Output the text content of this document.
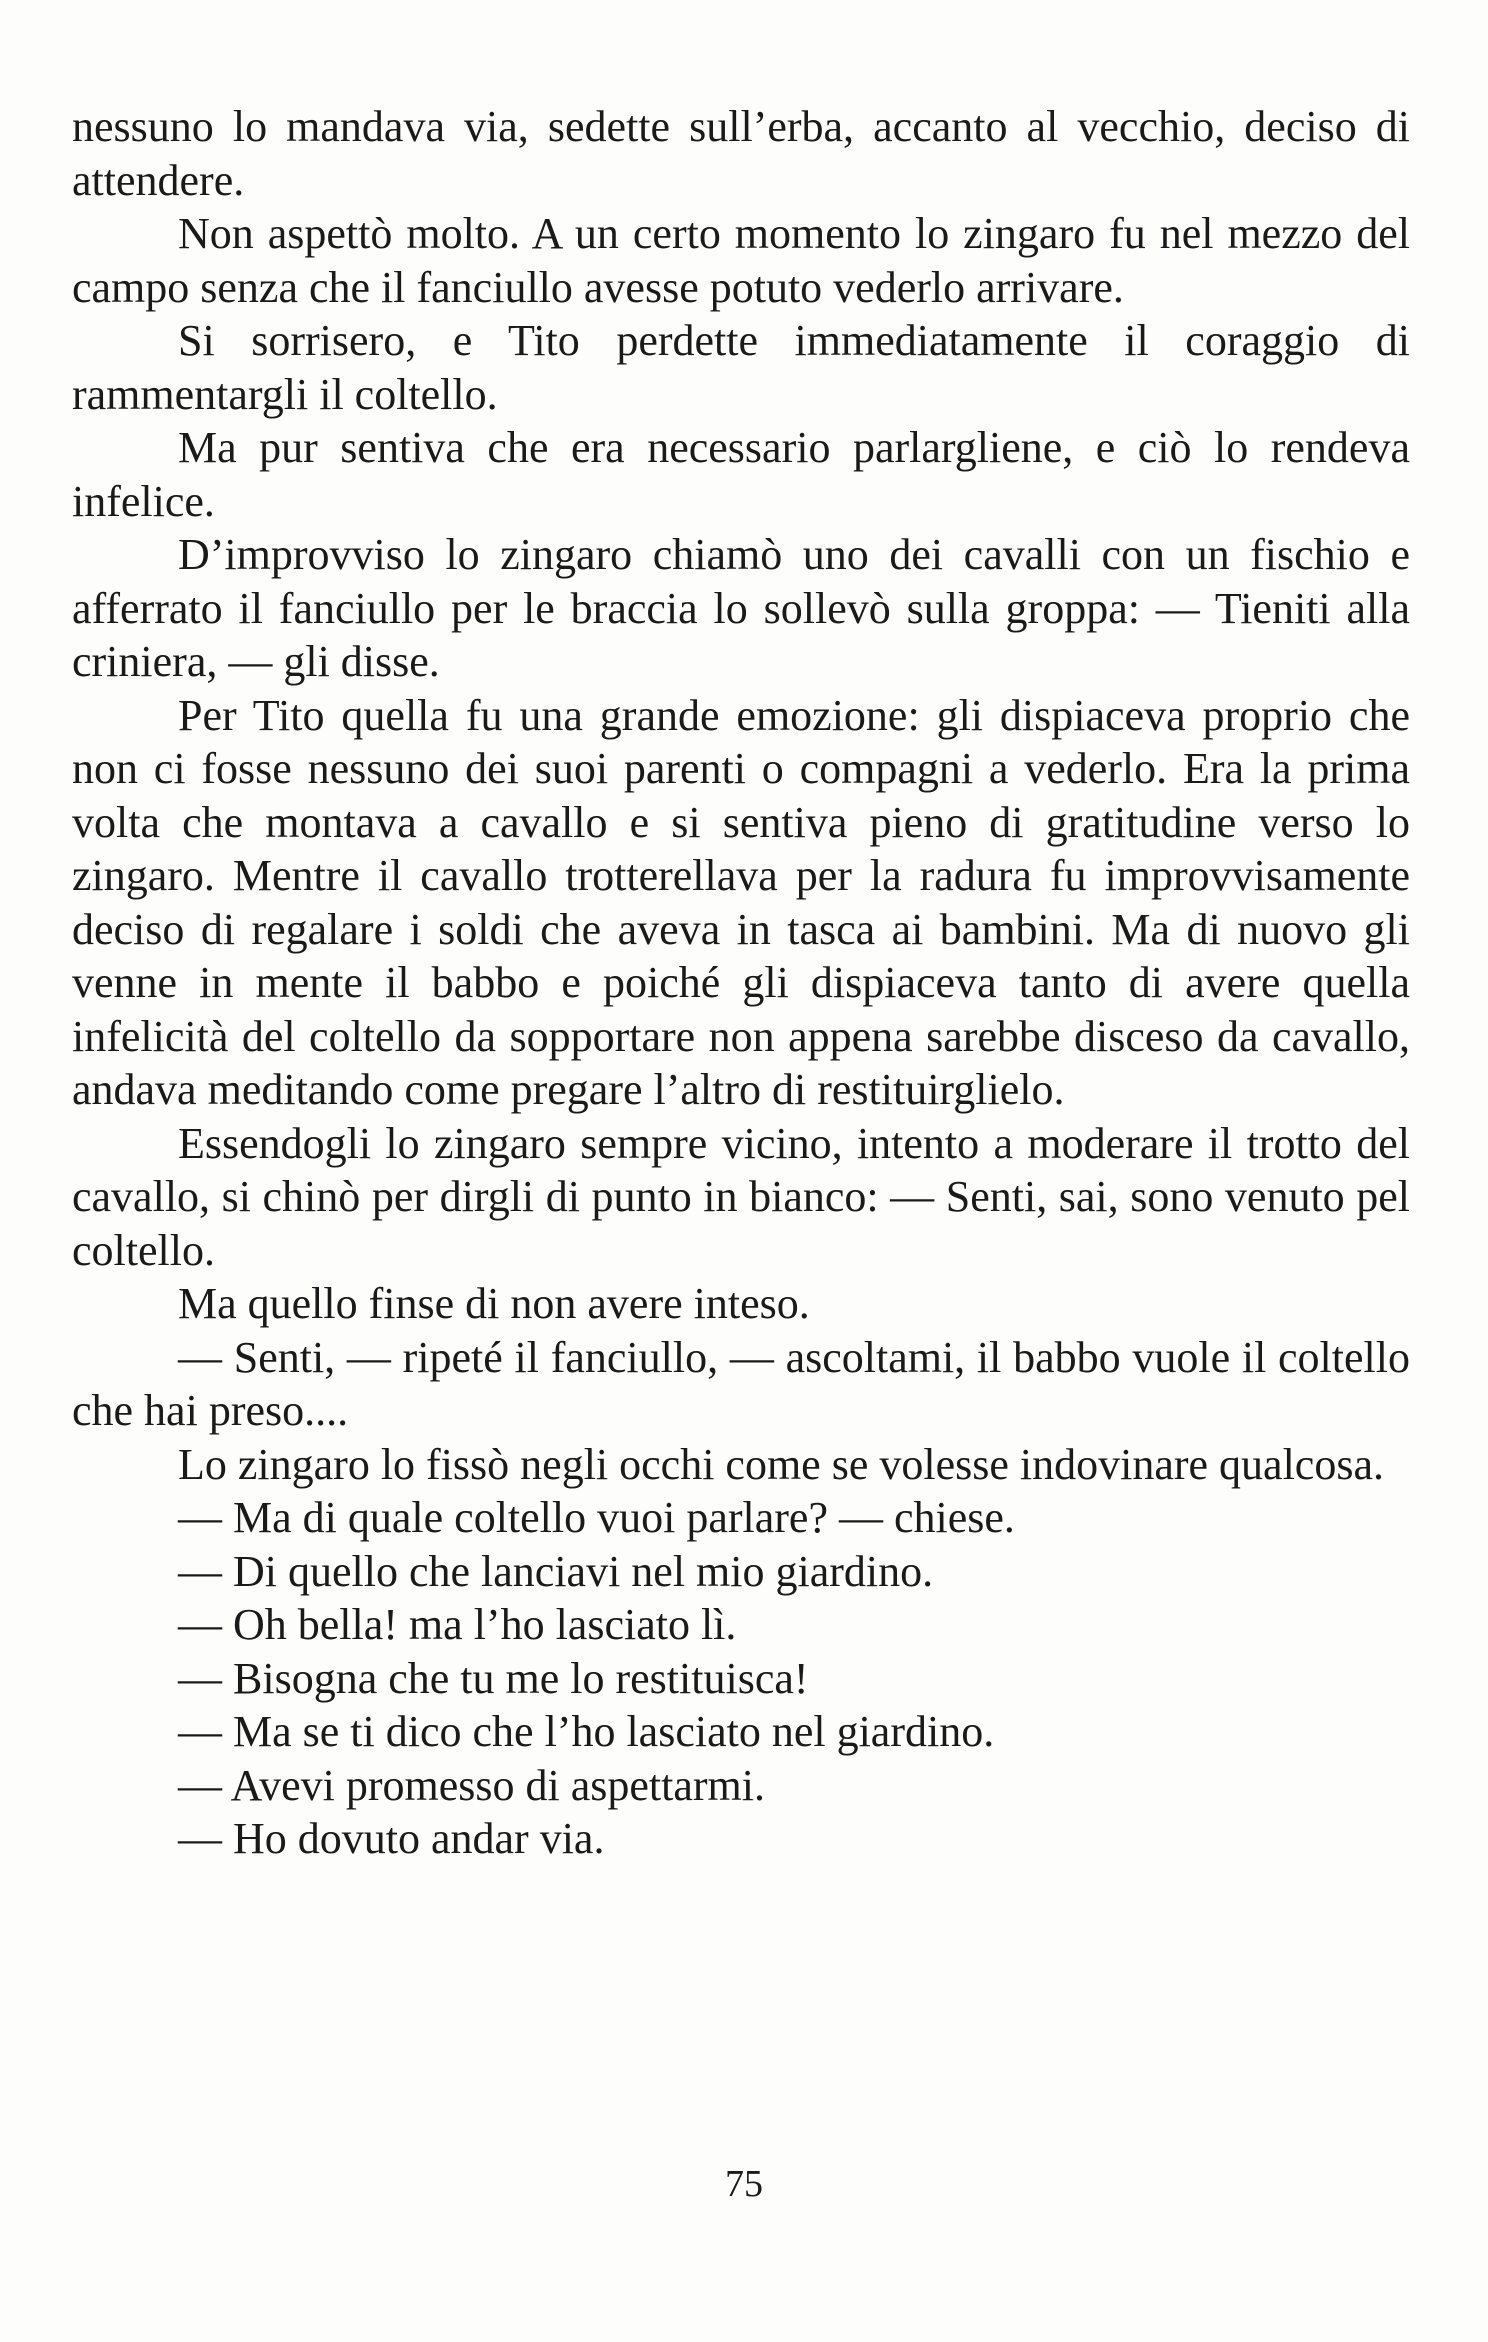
nessuno lo mandava via, sedette sull’erba, accanto al vecchio, deciso di attendere.

Non aspettò molto. A un certo momento lo zingaro fu nel mezzo del campo senza che il fanciullo avesse potuto vederlo arrivare.

Si sorrisero, e Tito perdette immediatamente il coraggio di rammentargli il coltello.

Ma pur sentiva che era necessario parlargliene, e ciò lo rendeva infelice.

D’improvviso lo zingaro chiamò uno dei cavalli con un fischio e afferrato il fanciullo per le braccia lo sollevò sulla groppa: — Tieniti alla criniera, — gli disse.

Per Tito quella fu una grande emozione: gli dispiaceva proprio che non ci fosse nessuno dei suoi parenti o compagni a vederlo. Era la prima volta che montava a cavallo e si sentiva pieno di gratitudine verso lo zingaro. Mentre il cavallo trotterellava per la radura fu improvvisamente deciso di regalare i soldi che aveva in tasca ai bambini. Ma di nuovo gli venne in mente il babbo e poiché gli dispiaceva tanto di avere quella infelicità del coltello da sopportare non appena sarebbe disceso da cavallo, andava meditando come pregare l’altro di restituirglielo.

Essendogli lo zingaro sempre vicino, intento a moderare il trotto del cavallo, si chinò per dirgli di punto in bianco: — Senti, sai, sono venuto pel coltello.

Ma quello finse di non avere inteso.

— Senti, — ripeté il fanciullo, — ascoltami, il babbo vuole il coltello che hai preso....

Lo zingaro lo fissò negli occhi come se volesse indovinare qualcosa.

— Ma di quale coltello vuoi parlare? — chiese.

— Di quello che lanciavi nel mio giardino.

— Oh bella! ma l’ho lasciato lì.

— Bisogna che tu me lo restituisca!

— Ma se ti dico che l’ho lasciato nel giardino.

— Avevi promesso di aspettarmi.

— Ho dovuto andar via.

75
